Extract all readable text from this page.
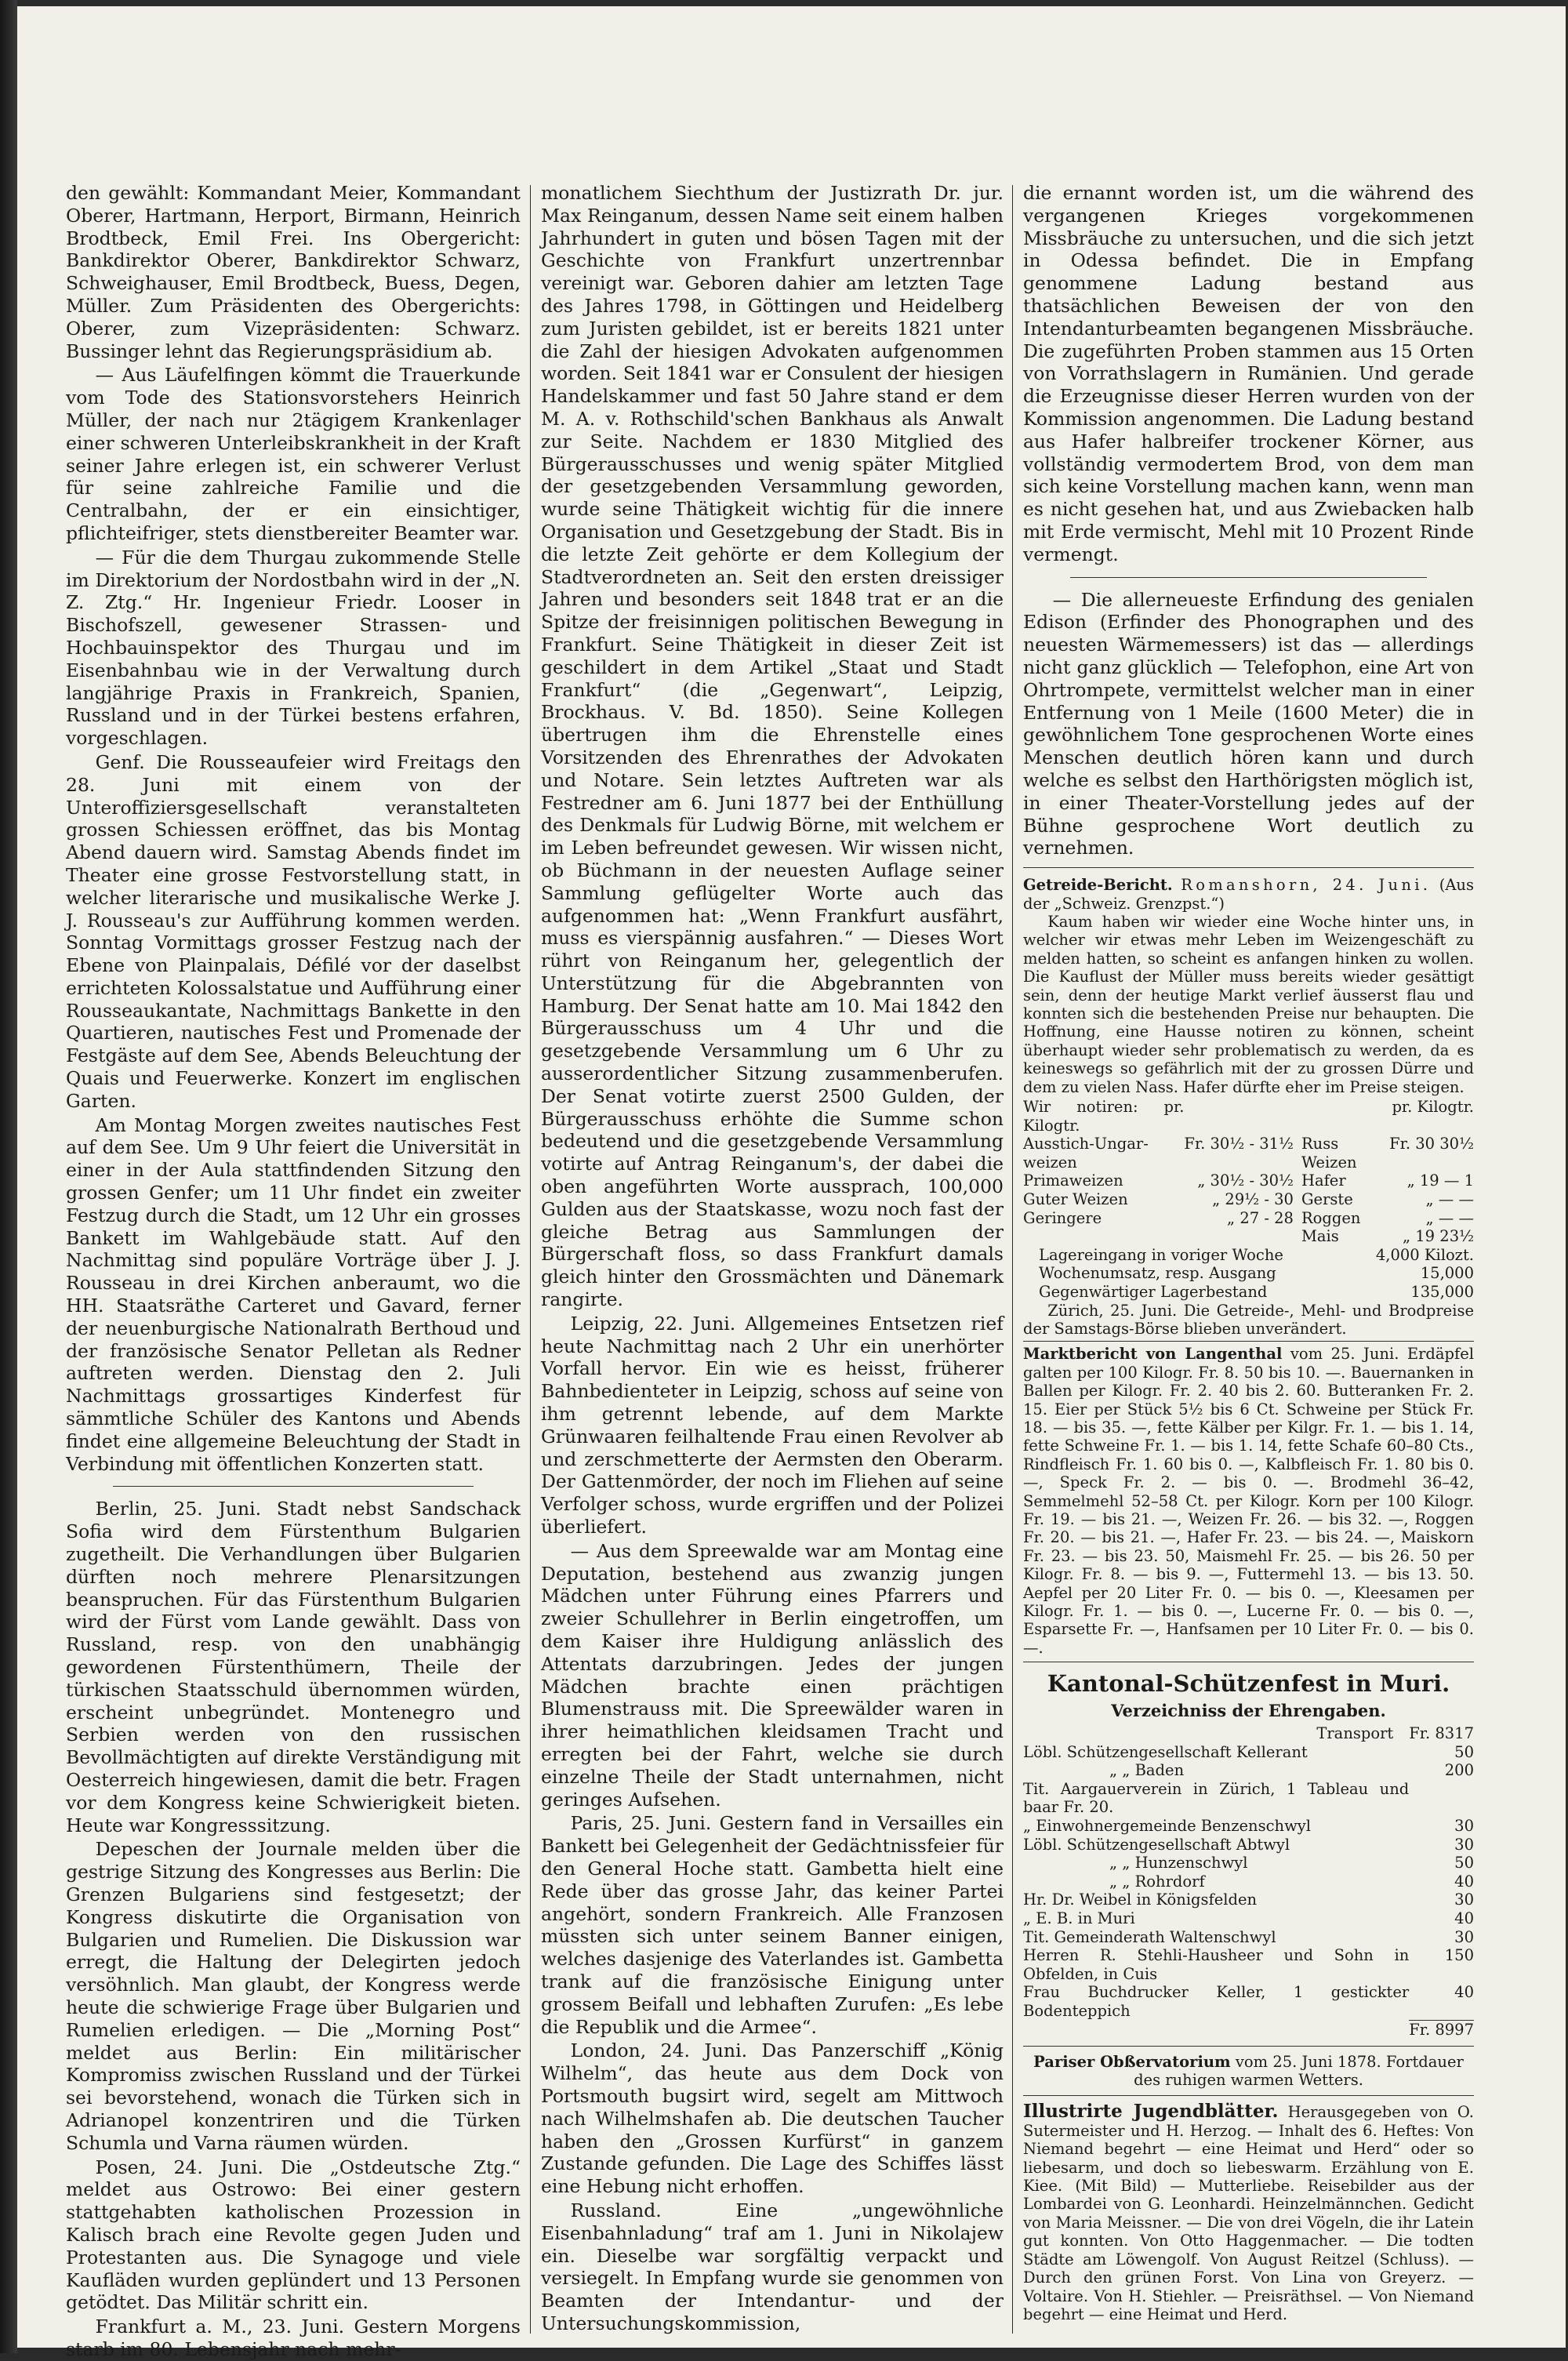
den gewählt: Kommandant Meier, Kommandant Oberer, Hartmann, Herport, Birmann, Heinrich Brodtbeck, Emil Frei. Ins Obergericht: Bankdirektor Oberer, Bankdirektor Schwarz, Schweighauser, Emil Brodtbeck, Buess, Degen, Müller. Zum Präsidenten des Obergerichts: Oberer, zum Vizepräsidenten: Schwarz. Bussinger lehnt das Regierungspräsidium ab.

— Aus Läufelfingen kömmt die Trauerkunde vom Tode des Stationsvorstehers Heinrich Müller, der nach nur 2tägigem Krankenlager einer schweren Unterleibskrankheit in der Kraft seiner Jahre erlegen ist, ein schwerer Verlust für seine zahlreiche Familie und die Centralbahn, der er ein einsichtiger, pflichteifriger, stets dienstbereiter Beamter war.

— Für die dem Thurgau zukommende Stelle im Direktorium der Nordostbahn wird in der „N. Z. Ztg.“ Hr. Ingenieur Friedr. Looser in Bischofszell, gewesener Strassen- und Hochbauinspektor des Thurgau und im Eisenbahnbau wie in der Verwaltung durch langjährige Praxis in Frankreich, Spanien, Russland und in der Türkei bestens erfahren, vorgeschlagen.

Genf. Die Rousseaufeier wird Freitags den 28. Juni mit einem von der Unteroffiziersgesellschaft veranstalteten grossen Schiessen eröffnet, das bis Montag Abend dauern wird. Samstag Abends findet im Theater eine grosse Festvorstellung statt, in welcher literarische und musikalische Werke J. J. Rousseau's zur Aufführung kommen werden. Sonntag Vormittags grosser Festzug nach der Ebene von Plainpalais, Défilé vor der daselbst errichteten Kolossalstatue und Aufführung einer Rousseaukantate, Nachmittags Bankette in den Quartieren, nautisches Fest und Promenade der Festgäste auf dem See, Abends Beleuchtung der Quais und Feuerwerke. Konzert im englischen Garten.

Am Montag Morgen zweites nautisches Fest auf dem See. Um 9 Uhr feiert die Universität in einer in der Aula stattfindenden Sitzung den grossen Genfer; um 11 Uhr findet ein zweiter Festzug durch die Stadt, um 12 Uhr ein grosses Bankett im Wahlgebäude statt. Auf den Nachmittag sind populäre Vorträge über J. J. Rousseau in drei Kirchen anberaumt, wo die HH. Staatsräthe Carteret und Gavard, ferner der neuenburgische Nationalrath Berthoud und der französische Senator Pelletan als Redner auftreten werden. Dienstag den 2. Juli Nachmittags grossartiges Kinderfest für sämmtliche Schüler des Kantons und Abends findet eine allgemeine Beleuchtung der Stadt in Verbindung mit öffentlichen Konzerten statt.

Berlin, 25. Juni. Stadt nebst Sandschack Sofia wird dem Fürstenthum Bulgarien zugetheilt. Die Verhandlungen über Bulgarien dürften noch mehrere Plenarsitzungen beanspruchen. Für das Fürstenthum Bulgarien wird der Fürst vom Lande gewählt. Dass von Russland, resp. von den unabhängig gewordenen Fürstenthümern, Theile der türkischen Staatsschuld übernommen würden, erscheint unbegründet. Montenegro und Serbien werden von den russischen Bevollmächtigten auf direkte Verständigung mit Oesterreich hingewiesen, damit die betr. Fragen vor dem Kongress keine Schwierigkeit bieten. Heute war Kongresssitzung.

Depeschen der Journale melden über die gestrige Sitzung des Kongresses aus Berlin: Die Grenzen Bulgariens sind festgesetzt; der Kongress diskutirte die Organisation von Bulgarien und Rumelien. Die Diskussion war erregt, die Haltung der Delegirten jedoch versöhnlich. Man glaubt, der Kongress werde heute die schwierige Frage über Bulgarien und Rumelien erledigen. — Die „Morning Post“ meldet aus Berlin: Ein militärischer Kompromiss zwischen Russland und der Türkei sei bevorstehend, wonach die Türken sich in Adrianopel konzentriren und die Türken Schumla und Varna räumen würden.

Posen, 24. Juni. Die „Ostdeutsche Ztg.“ meldet aus Ostrowo: Bei einer gestern stattgehabten katholischen Prozession in Kalisch brach eine Revolte gegen Juden und Protestanten aus. Die Synagoge und viele Kaufläden wurden geplündert und 13 Personen getödtet. Das Militär schritt ein.

Frankfurt a. M., 23. Juni. Gestern Morgens starb im 80. Lebensjahr nach mehr-

monatlichem Siechthum der Justizrath Dr. jur. Max Reinganum, dessen Name seit einem halben Jahrhundert in guten und bösen Tagen mit der Geschichte von Frankfurt unzertrennbar vereinigt war. Geboren dahier am letzten Tage des Jahres 1798, in Göttingen und Heidelberg zum Juristen gebildet, ist er bereits 1821 unter die Zahl der hiesigen Advokaten aufgenommen worden. Seit 1841 war er Consulent der hiesigen Handelskammer und fast 50 Jahre stand er dem M. A. v. Rothschild'schen Bankhaus als Anwalt zur Seite. Nachdem er 1830 Mitglied des Bürgerausschusses und wenig später Mitglied der gesetzgebenden Versammlung geworden, wurde seine Thätigkeit wichtig für die innere Organisation und Gesetzgebung der Stadt. Bis in die letzte Zeit gehörte er dem Kollegium der Stadtverordneten an. Seit den ersten dreissiger Jahren und besonders seit 1848 trat er an die Spitze der freisinnigen politischen Bewegung in Frankfurt. Seine Thätigkeit in dieser Zeit ist geschildert in dem Artikel „Staat und Stadt Frankfurt“ (die „Gegenwart“, Leipzig, Brockhaus. V. Bd. 1850). Seine Kollegen übertrugen ihm die Ehrenstelle eines Vorsitzenden des Ehrenrathes der Advokaten und Notare. Sein letztes Auftreten war als Festredner am 6. Juni 1877 bei der Enthüllung des Denkmals für Ludwig Börne, mit welchem er im Leben befreundet gewesen. Wir wissen nicht, ob Büchmann in der neuesten Auflage seiner Sammlung geflügelter Worte auch das aufgenommen hat: „Wenn Frankfurt ausfährt, muss es vierspännig ausfahren.“ — Dieses Wort rührt von Reinganum her, gelegentlich der Unterstützung für die Abgebrannten von Hamburg. Der Senat hatte am 10. Mai 1842 den Bürgerausschuss um 4 Uhr und die gesetzgebende Versammlung um 6 Uhr zu ausserordentlicher Sitzung zusammenberufen. Der Senat votirte zuerst 2500 Gulden, der Bürgerausschuss erhöhte die Summe schon bedeutend und die gesetzgebende Versammlung votirte auf Antrag Reinganum's, der dabei die oben angeführten Worte aussprach, 100,000 Gulden aus der Staatskasse, wozu noch fast der gleiche Betrag aus Sammlungen der Bürgerschaft floss, so dass Frankfurt damals gleich hinter den Grossmächten und Dänemark rangirte.

Leipzig, 22. Juni. Allgemeines Entsetzen rief heute Nachmittag nach 2 Uhr ein unerhörter Vorfall hervor. Ein wie es heisst, früherer Bahnbedienteter in Leipzig, schoss auf seine von ihm getrennt lebende, auf dem Markte Grünwaaren feilhaltende Frau einen Revolver ab und zerschmetterte der Aermsten den Oberarm. Der Gattenmörder, der noch im Fliehen auf seine Verfolger schoss, wurde ergriffen und der Polizei überliefert.

— Aus dem Spreewalde war am Montag eine Deputation, bestehend aus zwanzig jungen Mädchen unter Führung eines Pfarrers und zweier Schullehrer in Berlin eingetroffen, um dem Kaiser ihre Huldigung anlässlich des Attentats darzubringen. Jedes der jungen Mädchen brachte einen prächtigen Blumenstrauss mit. Die Spreewälder waren in ihrer heimathlichen kleidsamen Tracht und erregten bei der Fahrt, welche sie durch einzelne Theile der Stadt unternahmen, nicht geringes Aufsehen.

Paris, 25. Juni. Gestern fand in Versailles ein Bankett bei Gelegenheit der Gedächtnissfeier für den General Hoche statt. Gambetta hielt eine Rede über das grosse Jahr, das keiner Partei angehört, sondern Frankreich. Alle Franzosen müssten sich unter seinem Banner einigen, welches dasjenige des Vaterlandes ist. Gambetta trank auf die französische Einigung unter grossem Beifall und lebhaften Zurufen: „Es lebe die Republik und die Armee“.

London, 24. Juni. Das Panzerschiff „König Wilhelm“, das heute aus dem Dock von Portsmouth bugsirt wird, segelt am Mittwoch nach Wilhelmshafen ab. Die deutschen Taucher haben den „Grossen Kurfürst“ in ganzem Zustande gefunden. Die Lage des Schiffes lässt eine Hebung nicht erhoffen.

Russland. Eine „ungewöhnliche Eisenbahnladung“ traf am 1. Juni in Nikolajew ein. Dieselbe war sorgfältig verpackt und versiegelt. In Empfang wurde sie genommen von Beamten der Intendantur- und der Untersuchungskommission,

die ernannt worden ist, um die während des vergangenen Krieges vorgekommenen Missbräuche zu untersuchen, und die sich jetzt in Odessa befindet. Die in Empfang genommene Ladung bestand aus thatsächlichen Beweisen der von den Intendanturbeamten begangenen Missbräuche. Die zugeführten Proben stammen aus 15 Orten von Vorrathslagern in Rumänien. Und gerade die Erzeugnisse dieser Herren wurden von der Kommission angenommen. Die Ladung bestand aus Hafer halbreifer trockener Körner, aus vollständig vermodertem Brod, von dem man sich keine Vorstellung machen kann, wenn man es nicht gesehen hat, und aus Zwiebacken halb mit Erde vermischt, Mehl mit 10 Prozent Rinde vermengt.

— Die allerneueste Erfindung des genialen Edison (Erfinder des Phonographen und des neuesten Wärmemessers) ist das — allerdings nicht ganz glücklich — Telefophon, eine Art von Ohrtrompete, vermittelst welcher man in einer Entfernung von 1 Meile (1600 Meter) die in gewöhnlichem Tone gesprochenen Worte eines Menschen deutlich hören kann und durch welche es selbst den Harthörigsten möglich ist, in einer Theater-Vorstellung jedes auf der Bühne gesprochene Wort deutlich zu vernehmen.

Getreide-Bericht. Romanshorn, 24. Juni. (Aus der „Schweiz. Grenzpst.“)

Kaum haben wir wieder eine Woche hinter uns, in welcher wir etwas mehr Leben im Weizengeschäft zu melden hatten, so scheint es anfangen hinken zu wollen. Die Kauflust der Müller muss bereits wieder gesättigt sein, denn der heutige Markt verlief äusserst flau und konnten sich die bestehenden Preise nur behaupten. Die Hoffnung, eine Hausse notiren zu können, scheint überhaupt wieder sehr problematisch zu werden, da es keineswegs so gefährlich mit der zu grossen Dürre und dem zu vielen Nass. Hafer dürfte eher im Preise steigen.

Wir notiren: pr. Kilogtr.			pr. Kilogtr.
Ausstich-Ungar-weizen	Fr. 30½ - 31½	Russ Weizen	Fr. 30 30½
Primaweizen	„ 30½ - 30½	Hafer	„ 19 — 1
Guter Weizen	„ 29½ - 30	Gerste	„ — —
Geringere	„ 27 - 28	Roggen	„ — —
		Mais	„ 19 23½
Lagereingang in voriger Woche	4,000 Kilozt.
Wochenumsatz, resp. Ausgang	15,000
Gegenwärtiger Lagerbestand	135,000

Zürich, 25. Juni. Die Getreide-, Mehl- und Brodpreise der Samstags-Börse blieben unverändert.

Marktbericht von Langenthal vom 25. Juni. Erdäpfel galten per 100 Kilogr. Fr. 8. 50 bis 10. —. Bauernanken in Ballen per Kilogr. Fr. 2. 40 bis 2. 60. Butteranken Fr. 2. 15. Eier per Stück 5½ bis 6 Ct. Schweine per Stück Fr. 18. — bis 35. —, fette Kälber per Kilgr. Fr. 1. — bis 1. 14, fette Schweine Fr. 1. — bis 1. 14, fette Schafe 60–80 Cts., Rindfleisch Fr. 1. 60 bis 0. —, Kalbfleisch Fr. 1. 80 bis 0. —, Speck Fr. 2. — bis 0. —. Brodmehl 36–42, Semmelmehl 52–58 Ct. per Kilogr. Korn per 100 Kilogr. Fr. 19. — bis 21. —, Weizen Fr. 26. — bis 32. —, Roggen Fr. 20. — bis 21. —, Hafer Fr. 23. — bis 24. —, Maiskorn Fr. 23. — bis 23. 50, Maismehl Fr. 25. — bis 26. 50 per Kilogr. Fr. 8. — bis 9. —, Futtermehl 13. — bis 13. 50. Aepfel per 20 Liter Fr. 0. — bis 0. —, Kleesamen per Kilogr. Fr. 1. — bis 0. —, Lucerne Fr. 0. — bis 0. —, Esparsette Fr. —, Hanfsamen per 10 Liter Fr. 0. — bis 0. —.

Kantonal-Schützenfest in Muri.
Verzeichniss der Ehrengaben.
Transport	Fr. 8317
Löbl. Schützengesellschaft Kellerant	50
„ „ Baden	200
Tit. Aargauerverein in Zürich, 1 Tableau und baar Fr. 20.	
„ Einwohnergemeinde Benzenschwyl	30
Löbl. Schützengesellschaft Abtwyl	30
„ „ Hunzenschwyl	50
„ „ Rohrdorf	40
Hr. Dr. Weibel in Königsfelden	30
„ E. B. in Muri	40
Tit. Gemeinderath Waltenschwyl	30
Herren R. Stehli-Hausheer und Sohn in Obfelden, in Cuis	150
Frau Buchdrucker Keller, 1 gestickter Bodenteppich	40
	Fr. 8997

Pariser Obßervatorium vom 25. Juni 1878. Fortdauer des ruhigen warmen Wetters.

Illustrirte Jugendblätter. Herausgegeben von O. Sutermeister und H. Herzog. — Inhalt des 6. Heftes: Von Niemand begehrt — eine Heimat und Herd“ oder so liebesarm, und doch so liebeswarm. Erzählung von E. Kiee. (Mit Bild) — Mutterliebe. Reisebilder aus der Lombardei von G. Leonhardi. Heinzelmännchen. Gedicht von Maria Meissner. — Die von drei Vögeln, die ihr Latein gut konnten. Von Otto Haggenmacher. — Die todten Städte am Löwengolf. Von August Reitzel (Schluss). — Durch den grünen Forst. Von Lina von Greyerz. — Voltaire. Von H. Stiehler. — Preisräthsel. — Von Niemand begehrt — eine Heimat und Herd.
